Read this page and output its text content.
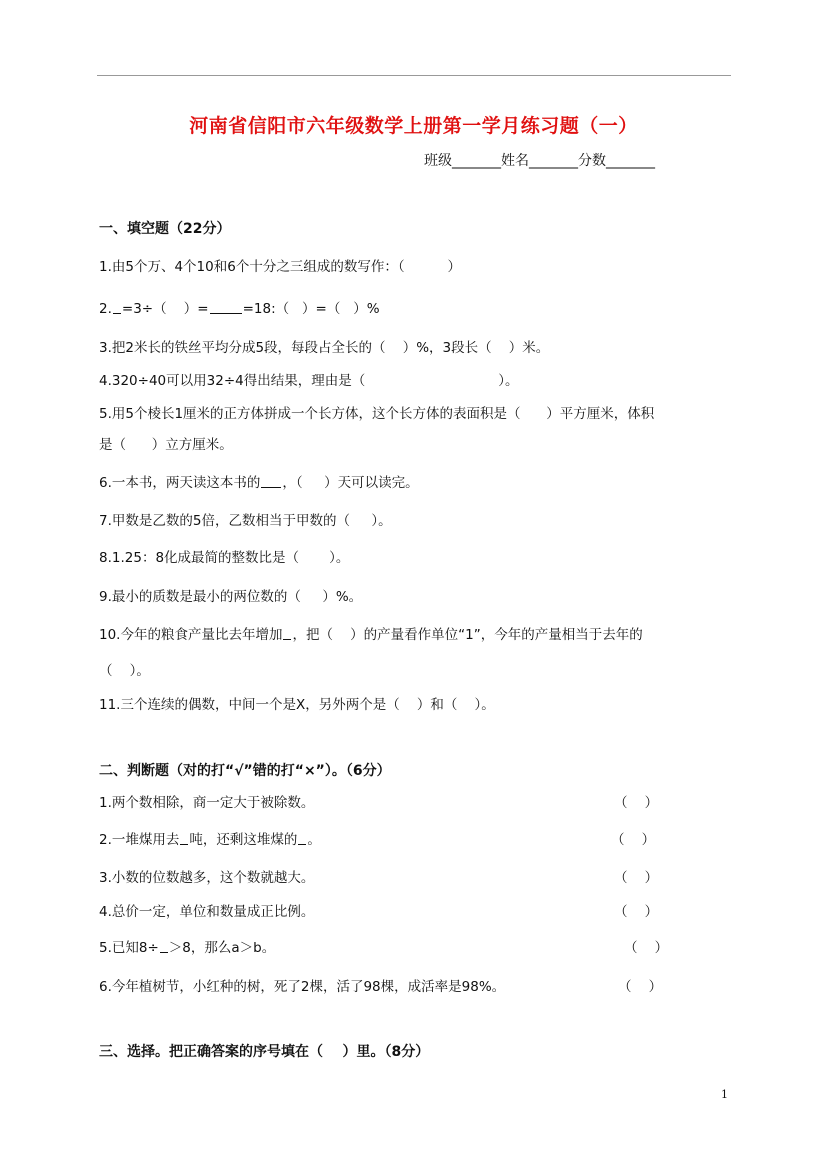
河南省信阳市六年级数学上册第一学月练习题（一）
班级_______姓名_______分数_______
一、填空题（22分）
1.由5个万、4个10和6个十分之三组成的数写作：（          ）
2. =3÷（    ）=	=18:（   ）=（   ）%
3.把2米长的铁丝平均分成5段，每段占全长的（    ）%，3段长（    ）米。
4.320÷40可以用32÷4得出结果，理由是（                               ）。
5.用5个棱长1厘米的正方体拼成一个长方体，这个长方体的表面积是（      ）平方厘米，体积
是（      ）立方厘米。
6.一本书，两天读这本书的 ，（     ）天可以读完。
7.甲数是乙数的5倍，乙数相当于甲数的（     ）。
8.1.25：8化成最简的整数比是（       ）。
9.最小的质数是最小的两位数的（     ）%。
10.今年的粮食产量比去年增加 ，把（    ）的产量看作单位“1”，今年的产量相当于去年的
（    ）。
11.三个连续的偶数，中间一个是X，另外两个是（    ）和（    ）。
二、判断题（对的打“√”错的打“×”）。（6分）
1.两个数相除，商一定大于被除数。	（    ）
2.一堆煤用去 吨，还剩这堆煤的 。	（    ）
3.小数的位数越多，这个数就越大。	（    ）
4.总价一定，单位和数量成正比例。	（    ）
5.已知8÷ ＞8，那么a＞b。	（    ）
6.今年植树节，小红种的树，死了2棵，活了98棵，成活率是98%。	（    ）
三、选择。把正确答案的序号填在（    ）里。（8分）
1
